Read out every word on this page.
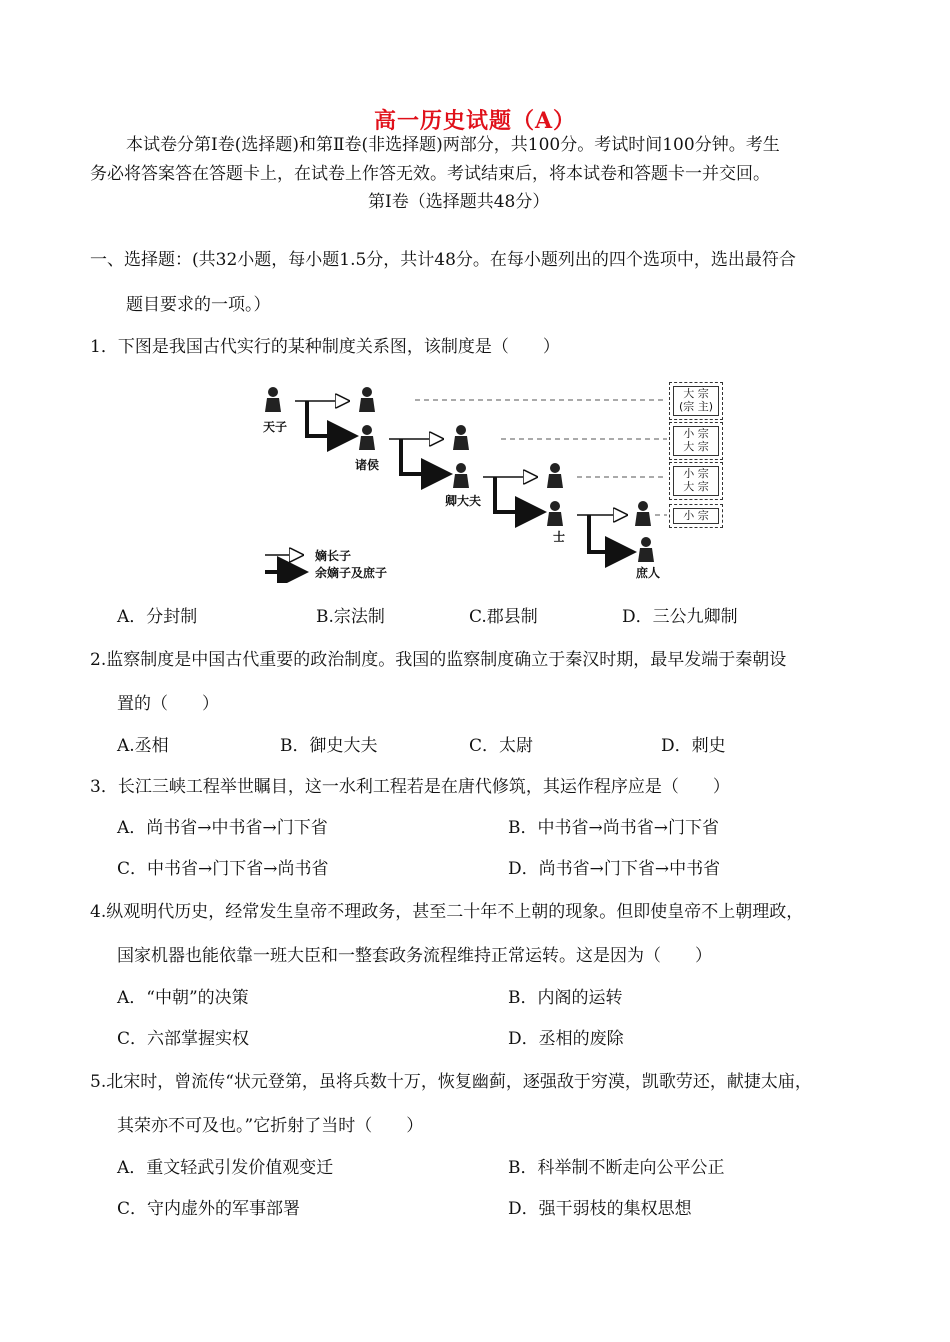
高一历史试题（A）
本试卷分第Ⅰ卷(选择题)和第Ⅱ卷(非选择题)两部分，共100分。考试时间100分钟。考生
务必将答案答在答题卡上，在试卷上作答无效。考试结束后，将本试卷和答题卡一并交回。
第Ⅰ卷（选择题共48分）
一、选择题：(共32小题，每小题1.5分，共计48分。在每小题列出的四个选项中，选出最符合
题目要求的一项。）
1．下图是我国古代实行的某种制度关系图，该制度是（　　）
天子
诸侯
卿大夫
士
庶人
大 宗
(宗 主)
小 宗
大 宗
小 宗
大 宗
小 宗
嫡长子
余嫡子及庶子
A．分封制	B.宗法制	C.郡县制	D．三公九卿制
2.监察制度是中国古代重要的政治制度。我国的监察制度确立于秦汉时期，最早发端于秦朝设
置的（　　）
A.丞相	B．御史大夫	C．太尉	D．刺史
3．长江三峡工程举世瞩目，这一水利工程若是在唐代修筑，其运作程序应是（　　）
A．尚书省→中书省→门下省	B．中书省→尚书省→门下省
C．中书省→门下省→尚书省	D．尚书省→门下省→中书省
4.纵观明代历史，经常发生皇帝不理政务，甚至二十年不上朝的现象。但即使皇帝不上朝理政，
国家机器也能依靠一班大臣和一整套政务流程维持正常运转。这是因为（　　）
A．“中朝”的决策	B．内阁的运转
C．六部掌握实权	D．丞相的废除
5.北宋时，曾流传“状元登第，虽将兵数十万，恢复幽蓟，逐强敌于穷漠，凯歌劳还，献捷太庙，
其荣亦不可及也。”它折射了当时（　　）
A．重文轻武引发价值观变迁	B．科举制不断走向公平公正
C．守内虚外的军事部署	D．强干弱枝的集权思想
